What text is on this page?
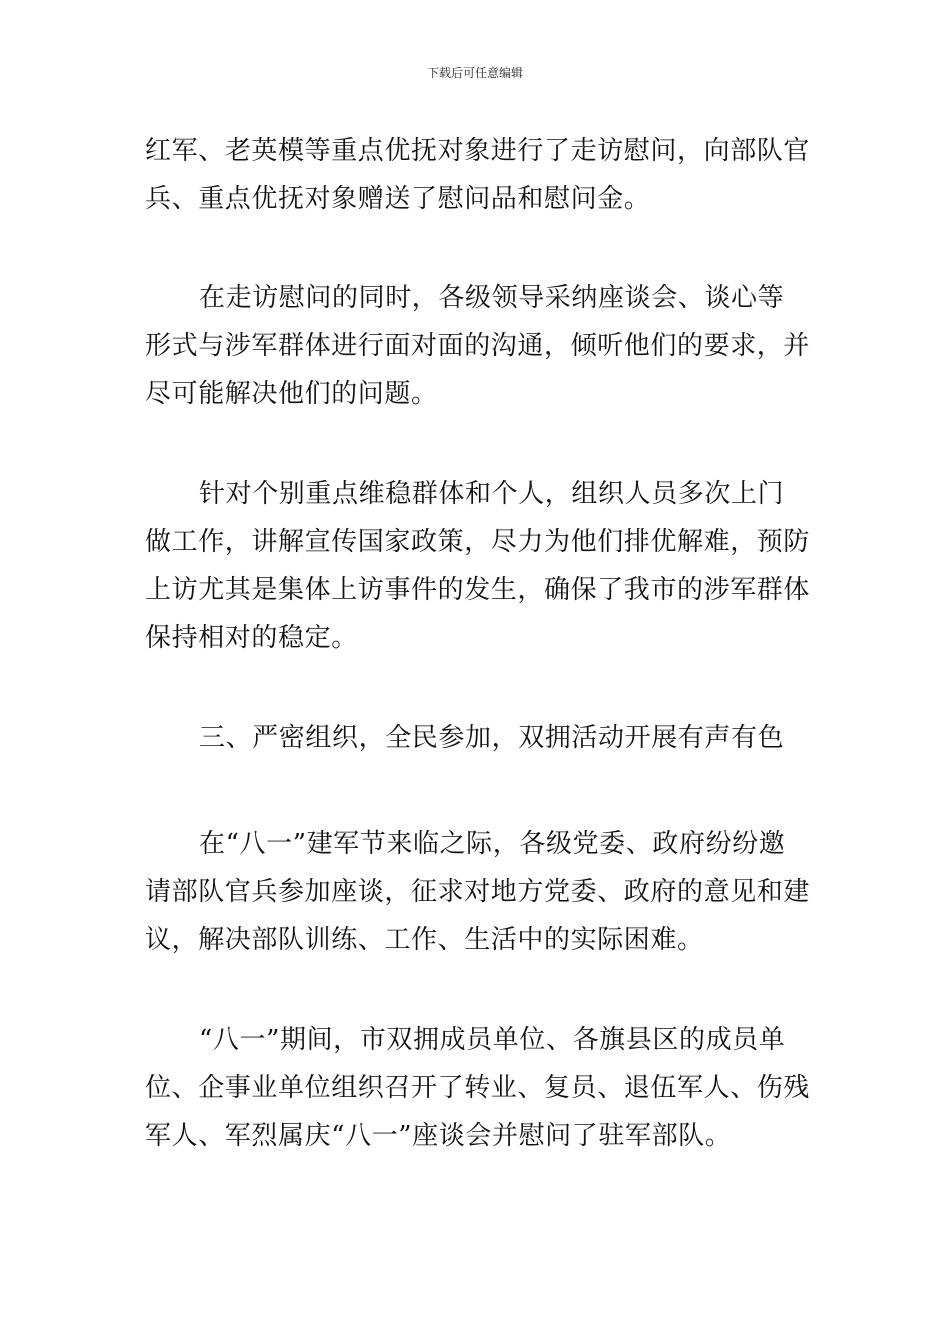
下载后可任意编辑

红军、老英模等重点优抚对象进行了走访慰问，向部队官兵、重点优抚对象赠送了慰问品和慰问金。

在走访慰问的同时，各级领导采纳座谈会、谈心等形式与涉军群体进行面对面的沟通，倾听他们的要求，并尽可能解决他们的问题。

针对个别重点维稳群体和个人，组织人员多次上门做工作，讲解宣传国家政策，尽力为他们排优解难，预防上访尤其是集体上访事件的发生，确保了我市的涉军群体保持相对的稳定。

三、严密组织，全民参加，双拥活动开展有声有色

在“八一”建军节来临之际，各级党委、政府纷纷邀请部队官兵参加座谈，征求对地方党委、政府的意见和建议，解决部队训练、工作、生活中的实际困难。

“八一”期间，市双拥成员单位、各旗县区的成员单位、企事业单位组织召开了转业、复员、退伍军人、伤残军人、军烈属庆“八一”座谈会并慰问了驻军部队。
